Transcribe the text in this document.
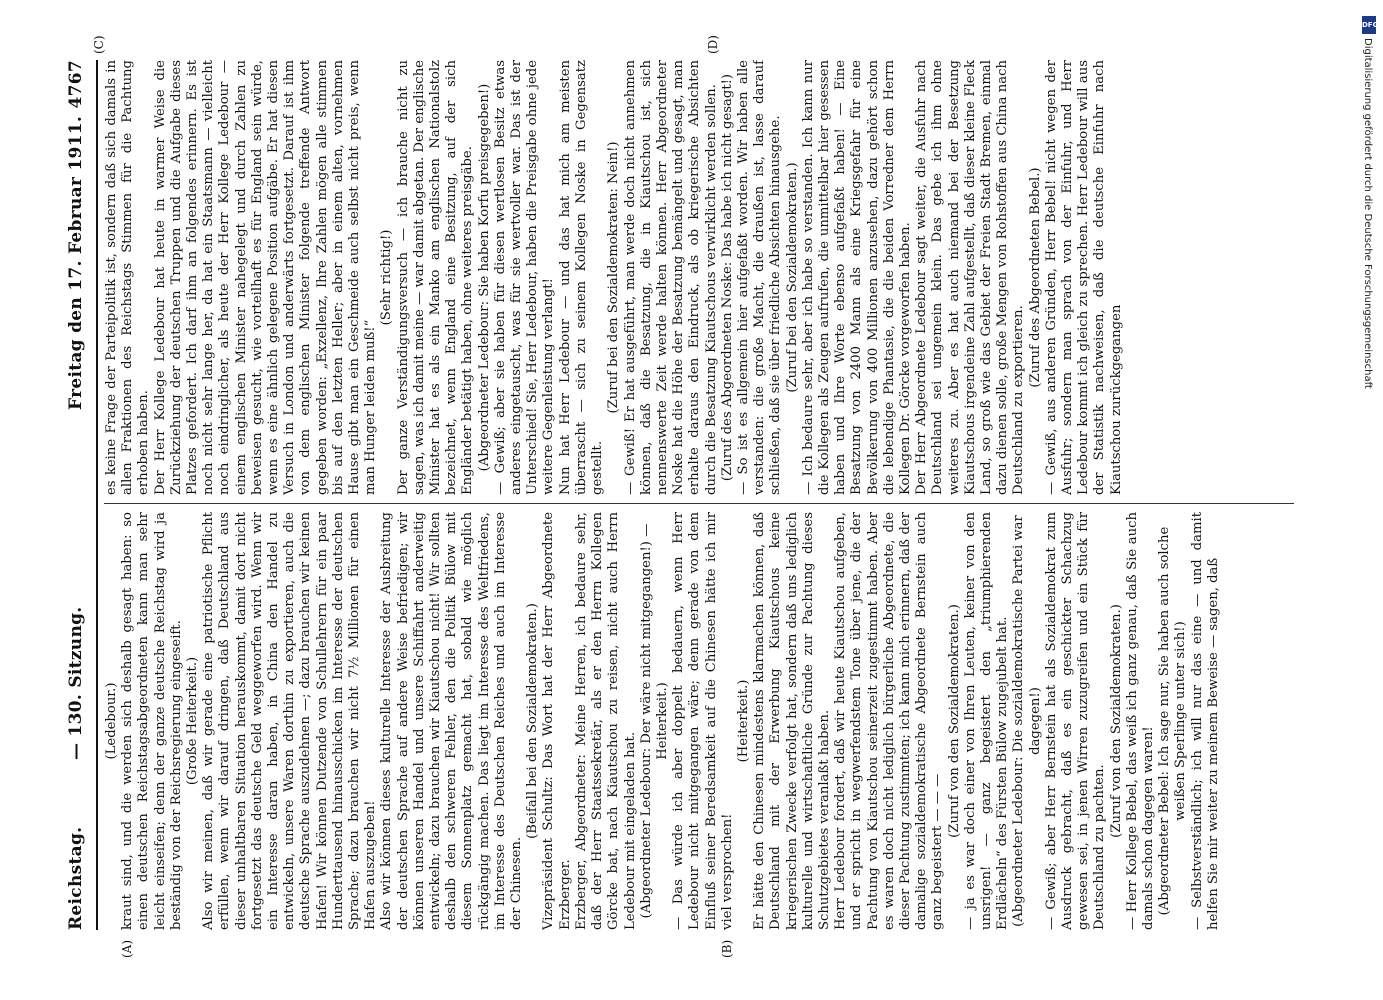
Reichstag.
— 130. Sitzung.
Freitag den 17. Februar 1911.
4767
(A)	(B)
(C)	(D)

(Ledebour.) kraut sind, und die werden sich deshalb gesagt haben: so einen deutschen Reichstagsabgeordneten kann man sehr leicht einseifen; denn der ganze deutsche Reichstag wird ja beständig von der Reichsregierung eingeseift. (Große Heiterkeit.) Also wir meinen, daß wir gerade eine patriotische Pflicht erfüllen, wenn wir darauf dringen, daß Deutschland aus dieser unhaltbaren Situation herauskommt, damit dort nicht fortgesetzt das deutsche Geld weggeworfen wird. Wenn wir ein Interesse daran haben, in China den Handel zu entwickeln, unsere Waren dorthin zu exportieren, auch die deutsche Sprache auszudehnen —; dazu brauchen wir keinen Hafen! Wir können Dutzende von Schullehrern für ein paar Hunderttausend hinausschicken im Interesse der deutschen Sprache; dazu brauchen wir nicht 7½ Millionen für einen Hafen auszugeben! Also wir können dieses kulturelle Interesse der Ausbreitung der deutschen Sprache auf andere Weise befriedigen; wir können unseren Handel und unsere Schiffahrt anderweitig entwickeln; dazu brauchen wir Kiautschou nicht! Wir sollten deshalb den schweren Fehler, den die Politik Bülow mit diesem Sonnenplatz gemacht hat, sobald wie möglich rückgängig machen. Das liegt im Interesse des Weltfriedens, im Interesse des Deutschen Reiches und auch im Interesse der Chinesen.

(Beifall bei den Sozialdemokraten.) Vizepräsident Schultz: Das Wort hat der Herr Abgeordnete Erzberger. Erzberger, Abgeordneter: Meine Herren, ich bedaure sehr, daß der Herr Staatssekretär, als er den Herrn Kollegen Görcke bat, nach Kiautschou zu reisen, nicht auch Herrn Ledebour mit eingeladen hat. (Abgeordneter Ledebour: Der wäre nicht mitgegangen!) — Heiterkeit.) — Das würde ich aber doppelt bedauern, wenn Herr Ledebour nicht mitgegangen wäre; denn gerade von dem Einfluß seiner Beredsamkeit auf die Chinesen hätte ich mir viel versprochen!

(Heiterkeit.) Er hätte den Chinesen mindestens klarmachen können, daß Deutschland mit der Erwerbung Kiautschous keine kriegerischen Zwecke verfolgt hat, sondern daß uns lediglich kulturelle und wirtschaftliche Gründe zur Pachtung dieses Schutzgebietes veranlaßt haben. Herr Ledebour fordert, daß wir heute Kiautschou aufgeben, und er spricht in wegwerfendstem Tone über jene, die der Pachtung von Kiautschou seinerzeit zugestimmt haben. Aber es waren doch nicht lediglich bürgerliche Abgeordnete, die dieser Pachtung zustimmten; ich kann mich erinnern, daß der damalige sozialdemokratische Abgeordnete Bernstein auch ganz begeistert — — —

(Zuruf von den Sozialdemokraten.) — ja es war doch einer von Ihren Leuten, keiner von den unsrigen! — ganz begeistert den „triumphierenden Erdlächeln“ des Fürsten Bülow zugejubelt hat. (Abgeordneter Ledebour: Die sozialdemokratische Partei war dagegen!) — Gewiß; aber Herr Bernstein hat als Sozialdemokrat zum Ausdruck gebracht, daß es ein geschickter Schachzug gewesen sei, in jenen Wirren zuzugreifen und ein Stück für Deutschland zu pachten.

(Zuruf von den Sozialdemokraten.) — Herr Kollege Bebel, das weiß ich ganz genau, daß Sie auch damals schon dagegen waren! (Abgeordneter Bebel: Ich sage nur, Sie haben auch solche weißen Sperlinge unter sich!) — Selbstverständlich; ich will nur das eine — und damit helfen Sie mir weiter zu meinem Beweise — sagen, daß

es keine Frage der Parteipolitik ist, sondern daß sich damals in allen Fraktionen des Reichstags Stimmen für die Pachtung erhoben haben. Der Herr Kollege Ledebour hat heute in warmer Weise die Zurückziehung der deutschen Truppen und die Aufgabe dieses Platzes gefordert. Ich darf ihm an folgendes erinnern. Es ist noch nicht sehr lange her, da hat ein Staatsmann — vielleicht noch eindringlicher, als heute der Herr Kollege Ledebour — einem englischen Minister nahegelegt und durch Zahlen zu beweisen gesucht, wie vorteilhaft es für England sein würde, wenn es eine ähnlich gelegene Position aufgäbe. Er hat diesen Versuch in London und anderwärts fortgesetzt. Darauf ist ihm von dem englischen Minister folgende treffende Antwort gegeben worden: „Exzellenz, Ihre Zahlen mögen alle stimmen bis auf den letzten Heller; aber in einem alten, vornehmen Hause gibt man ein Geschmeide auch selbst nicht preis, wenn man Hunger leiden muß!“

(Sehr richtig!) Der ganze Verständigungsversuch — ich brauche nicht zu sagen, was ich damit meine — war damit abgetan. Der englische Minister hat es als ein Manko am englischen Nationalstolz bezeichnet, wenn England eine Besitzung, auf der sich Engländer betätigt haben, ohne weiteres preisgäbe. (Abgeordneter Ledebour: Sie haben Korfu preisgegeben!) — Gewiß; aber sie haben für diesen wertlosen Besitz etwas anderes eingetauscht, was für sie wertvoller war. Das ist der Unterschied! Sie, Herr Ledebour, haben die Preisgabe ohne jede weitere Gegenleistung verlangt! Nun hat Herr Ledebour — und das hat mich am meisten überrascht — sich zu seinem Kollegen Noske in Gegensatz gestellt.

(Zuruf bei den Sozialdemokraten: Nein!) — Gewiß! Er hat ausgeführt, man werde doch nicht annehmen können, daß die Besatzung, die in Kiautschou ist, sich nennenswerte Zeit werde halten können. Herr Abgeordneter Noske hat die Höhe der Besatzung bemängelt und gesagt, man erhalte daraus den Eindruck, als ob kriegerische Absichten durch die Besatzung Kiautschous verwirklicht werden sollen. (Zuruf des Abgeordneten Noske: Das habe ich nicht gesagt!) — So ist es allgemein hier aufgefaßt worden. Wir haben alle verstanden: die große Macht, die draußen ist, lasse darauf schließen, daß sie über friedliche Absichten hinausgehe. (Zuruf bei den Sozialdemokraten.) — Ich bedaure sehr, aber ich habe so verstanden. Ich kann nur die Kollegen als Zeugen aufrufen, die unmittelbar hier gesessen haben und Ihre Worte ebenso aufgefaßt haben! — Eine Besatzung von 2400 Mann als eine Kriegsgefahr für eine Bevölkerung von 400 Millionen anzusehen, dazu gehört schon die lebendige Phantasie, die die beiden Vorredner dem Herrn Kollegen Dr. Görcke vorgeworfen haben. Der Herr Abgeordnete Ledebour sagt weiter, die Ausfuhr nach Deutschland sei ungemein klein. Das gebe ich ihm ohne weiteres zu. Aber es hat auch niemand bei der Besetzung Kiautschous irgendeine Zahl aufgestellt, daß dieser kleine Fleck Land, so groß wie das Gebiet der Freien Stadt Bremen, einmal dazu dienen solle, große Mengen von Rohstoffen aus China nach Deutschland zu exportieren.

(Zuruf des Abgeordneten Bebel.) — Gewiß, aus anderen Gründen, Herr Bebel! nicht wegen der Ausfuhr; sondern man sprach von der Einfuhr, und Herr Ledebour kommt ich gleich zu sprechen. Herr Ledebour will aus der Statistik nachweisen, daß die deutsche Einfuhr nach Kiautschou zurückgegangen

DFG
Digitalisierung gefördert durch die Deutsche Forschungsgemeinschaft
